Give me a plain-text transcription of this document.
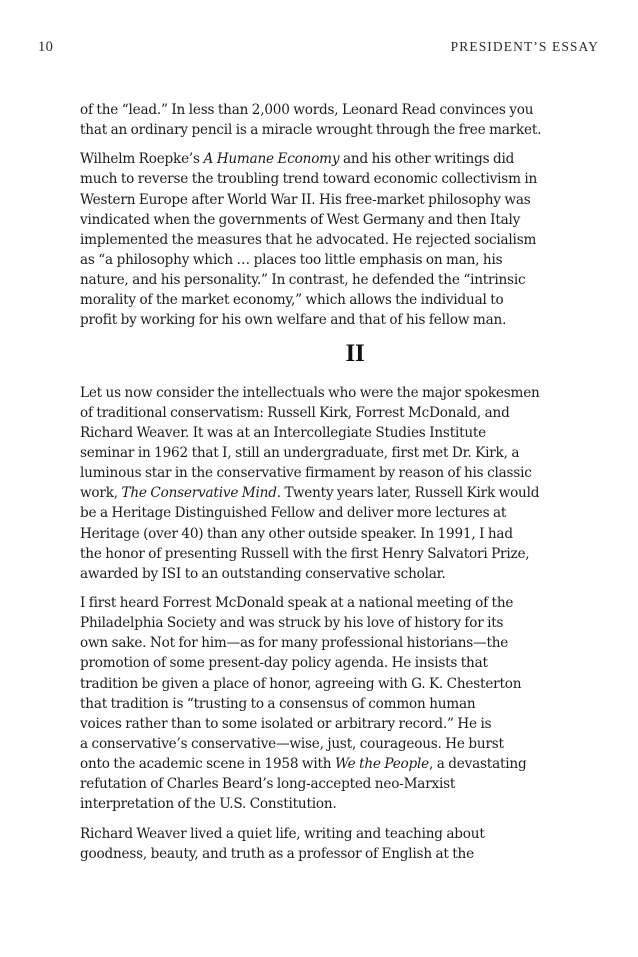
10	PRESIDENT’S ESSAY
of the “lead.” In less than 2,000 words, Leonard Read convinces you
that an ordinary pencil is a miracle wrought through the free market.
Wilhelm Roepke’s A Humane Economy and his other writings did
much to reverse the troubling trend toward economic collectivism in
Western Europe after World War II. His free-market philosophy was
vindicated when the governments of West Germany and then Italy
implemented the measures that he advocated. He rejected socialism
as “a philosophy which … places too little emphasis on man, his
nature, and his personality.” In contrast, he defended the “intrinsic
morality of the market economy,” which allows the individual to
profit by working for his own welfare and that of his fellow man.
II
Let us now consider the intellectuals who were the major spokesmen
of traditional conservatism: Russell Kirk, Forrest McDonald, and
Richard Weaver. It was at an Intercollegiate Studies Institute
seminar in 1962 that I, still an undergraduate, first met Dr. Kirk, a
luminous star in the conservative firmament by reason of his classic
work, The Conservative Mind. Twenty years later, Russell Kirk would
be a Heritage Distinguished Fellow and deliver more lectures at
Heritage (over 40) than any other outside speaker. In 1991, I had
the honor of presenting Russell with the first Henry Salvatori Prize,
awarded by ISI to an outstanding conservative scholar.
I first heard Forrest McDonald speak at a national meeting of the
Philadelphia Society and was struck by his love of history for its
own sake. Not for him—as for many professional historians—the
promotion of some present-day policy agenda. He insists that
tradition be given a place of honor, agreeing with G. K. Chesterton
that tradition is “trusting to a consensus of common human
voices rather than to some isolated or arbitrary record.” He is
a conservative’s conservative—wise, just, courageous. He burst
onto the academic scene in 1958 with We the People, a devastating
refutation of Charles Beard’s long-accepted neo-Marxist
interpretation of the U.S. Constitution.
Richard Weaver lived a quiet life, writing and teaching about
goodness, beauty, and truth as a professor of English at the
